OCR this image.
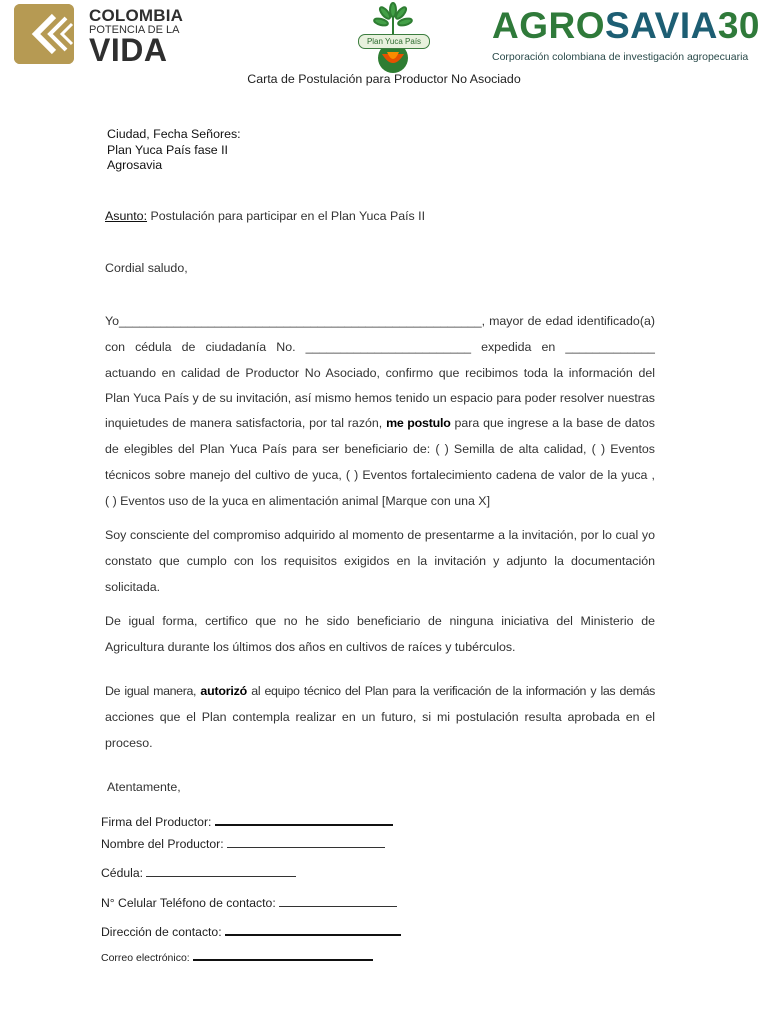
COLOMBIA
POTENCIA DE LA
VIDA	Plan Yuca País AGROSAVIA30
Corporación colombiana de investigación agropecuaria
Carta de Postulación para Productor No Asociado
Ciudad, Fecha Señores:
Plan Yuca País fase II
Agrosavia
Asunto: Postulación para participar en el Plan Yuca País II
Cordial saludo,
Yo_____________________________________________________, mayor de edad identificado(a)
con cédula de ciudadanía No. ________________________ expedida en _____________
actuando en calidad de Productor No Asociado, confirmo que recibimos toda la información del
Plan Yuca País y de su invitación, así mismo hemos tenido un espacio para poder resolver nuestras
inquietudes de manera satisfactoria, por tal razón, me postulo para que ingrese a la base de datos
de elegibles del Plan Yuca País para ser beneficiario de: ( ) Semilla de alta calidad, ( ) Eventos
técnicos sobre manejo del cultivo de yuca, ( ) Eventos fortalecimiento cadena de valor de la yuca ,
( ) Eventos uso de la yuca en alimentación animal [Marque con una X]
Soy consciente del compromiso adquirido al momento de presentarme a la invitación, por lo cual yo
constato que cumplo con los requisitos exigidos en la invitación y adjunto la documentación
solicitada.
De igual forma, certifico que no he sido beneficiario de ninguna iniciativa del Ministerio de
Agricultura durante los últimos dos años en cultivos de raíces y tubérculos.
De igual manera, autorizó al equipo técnico del Plan para la verificación de la información y las demás
acciones que el Plan contempla realizar en un futuro, si mi postulación resulta aprobada en el
proceso.
Atentamente,
Firma del Productor:
Nombre del Productor:
Cédula:
N° Celular Teléfono de contacto:
Dirección de contacto:
Correo electrónico:
